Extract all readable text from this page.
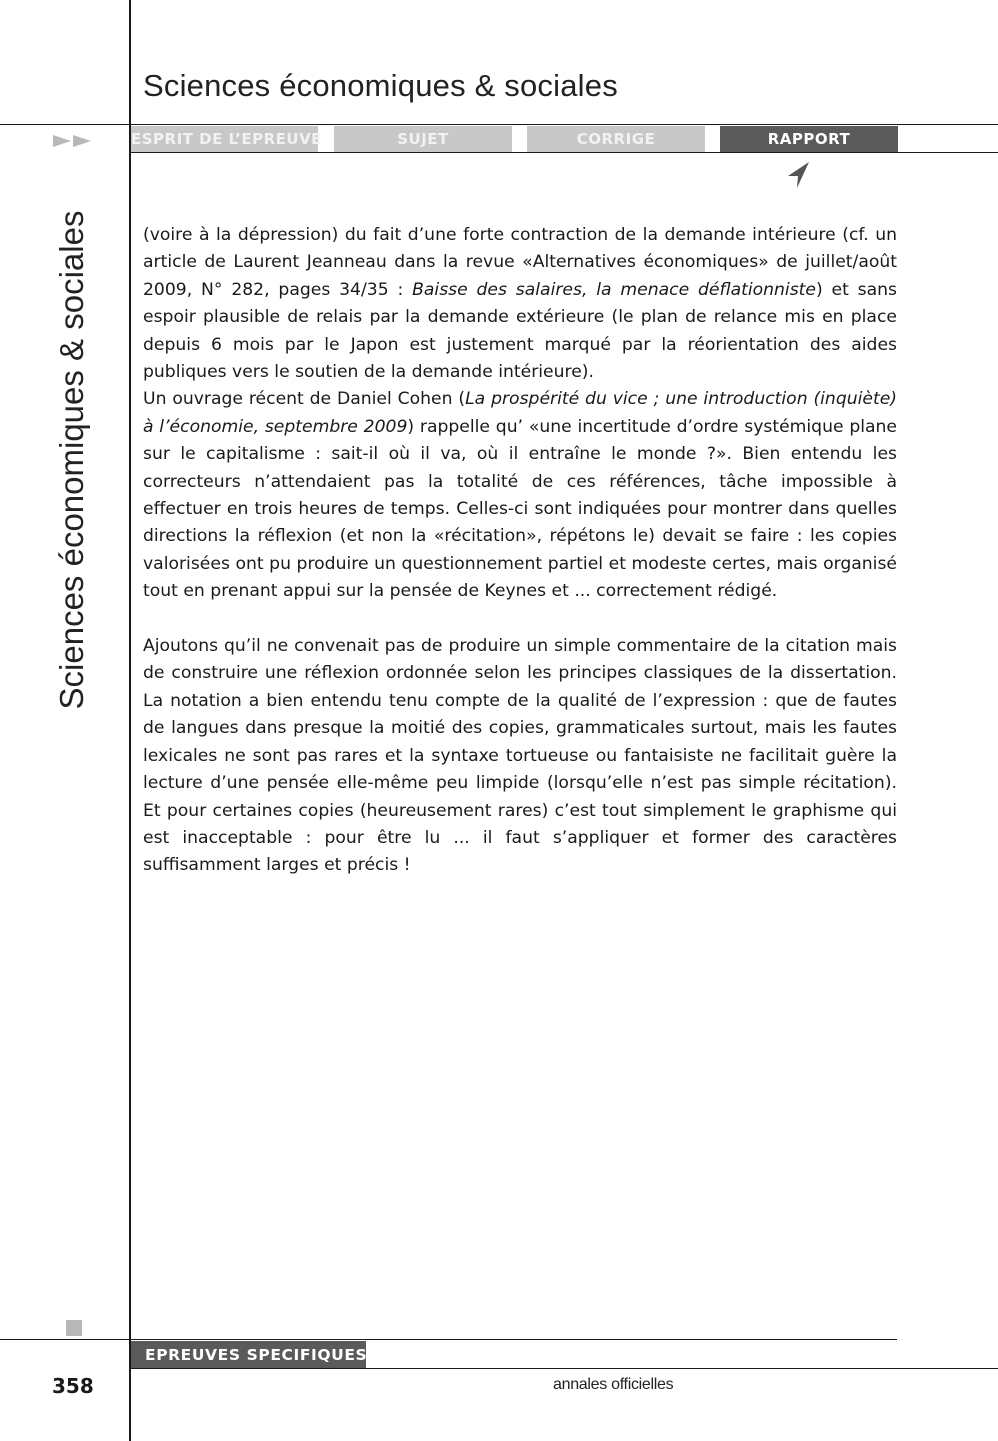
Sciences économiques & sociales
ESPRIT DE L’EPREUVE	SUJET	CORRIGE	RAPPORT
Sciences économiques & sociales	(voire à la dépression) du fait d’une forte contraction de la demande intérieure (cf. un article de Laurent Jeanneau dans la revue «Alternatives économiques» de juillet/août 2009, N° 282, pages 34/35 : Baisse des salaires, la menace déflationniste) et sans espoir plausible de relais par la demande extérieure (le plan de relance mis en place depuis 6 mois par le Japon est justement marqué par la réorientation des aides publiques vers le soutien de la demande intérieure).

Un ouvrage récent de Daniel Cohen (La prospérité du vice ; une introduction (inquiète) à l’économie, septembre 2009) rappelle qu’ «une incertitude d’ordre systémique plane sur le capitalisme : sait-il où il va, où il entraîne le monde ?». Bien entendu les correcteurs n’attendaient pas la totalité de ces références, tâche impossible à effectuer en trois heures de temps. Celles-ci sont indiquées pour montrer dans quelles directions la réflexion (et non la «récitation», répétons le) devait se faire : les copies valorisées ont pu produire un questionnement partiel et modeste certes, mais organisé tout en prenant appui sur la pensée de Keynes et ... correctement rédigé.

Ajoutons qu’il ne convenait pas de produire un simple commentaire de la citation mais de construire une réflexion ordonnée selon les principes classiques de la dissertation. La notation a bien entendu tenu compte de la qualité de l’expression : que de fautes de langues dans presque la moitié des copies, grammaticales surtout, mais les fautes lexicales ne sont pas rares et la syntaxe tortueuse ou fantaisiste ne facilitait guère la lecture d’une pensée elle-même peu limpide (lorsqu’elle n’est pas simple récitation). Et pour certaines copies (heureusement rares) c’est tout simplement le graphisme qui est inacceptable : pour être lu ... il faut s’appliquer et former des caractères suffisamment larges et précis !

EPREUVES SPECIFIQUES
358	annales officielles
